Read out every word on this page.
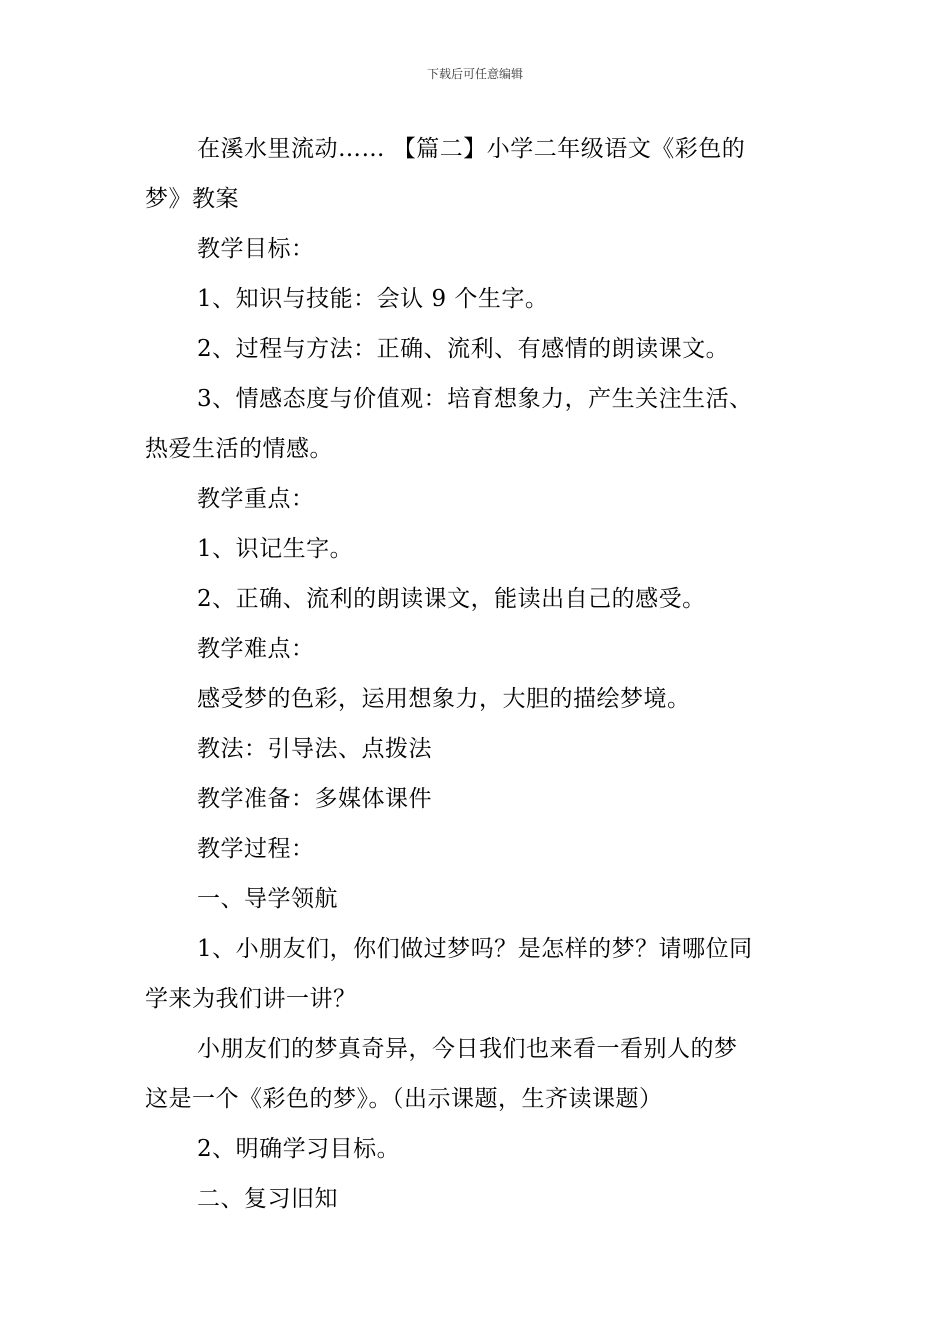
下载后可任意编辑
在溪水里流动…… 【篇二】小学二年级语文《彩色的
梦》教案
教学目标：
1、知识与技能：会认 9 个生字。
2、过程与方法：正确、流利、有感情的朗读课文。
3、情感态度与价值观：培育想象力，产生关注生活、
热爱生活的情感。
教学重点：
1、识记生字。
2、正确、流利的朗读课文，能读出自己的感受。
教学难点：
感受梦的色彩，运用想象力，大胆的描绘梦境。
教法：引导法、点拨法
教学准备：多媒体课件
教学过程：
一、导学领航
1、小朋友们，你们做过梦吗？是怎样的梦？请哪位同
学来为我们讲一讲？
小朋友们的梦真奇异，今日我们也来看一看别人的梦
这是一个《彩色的梦》。（出示课题，生齐读课题）
2、明确学习目标。
二、复习旧知
